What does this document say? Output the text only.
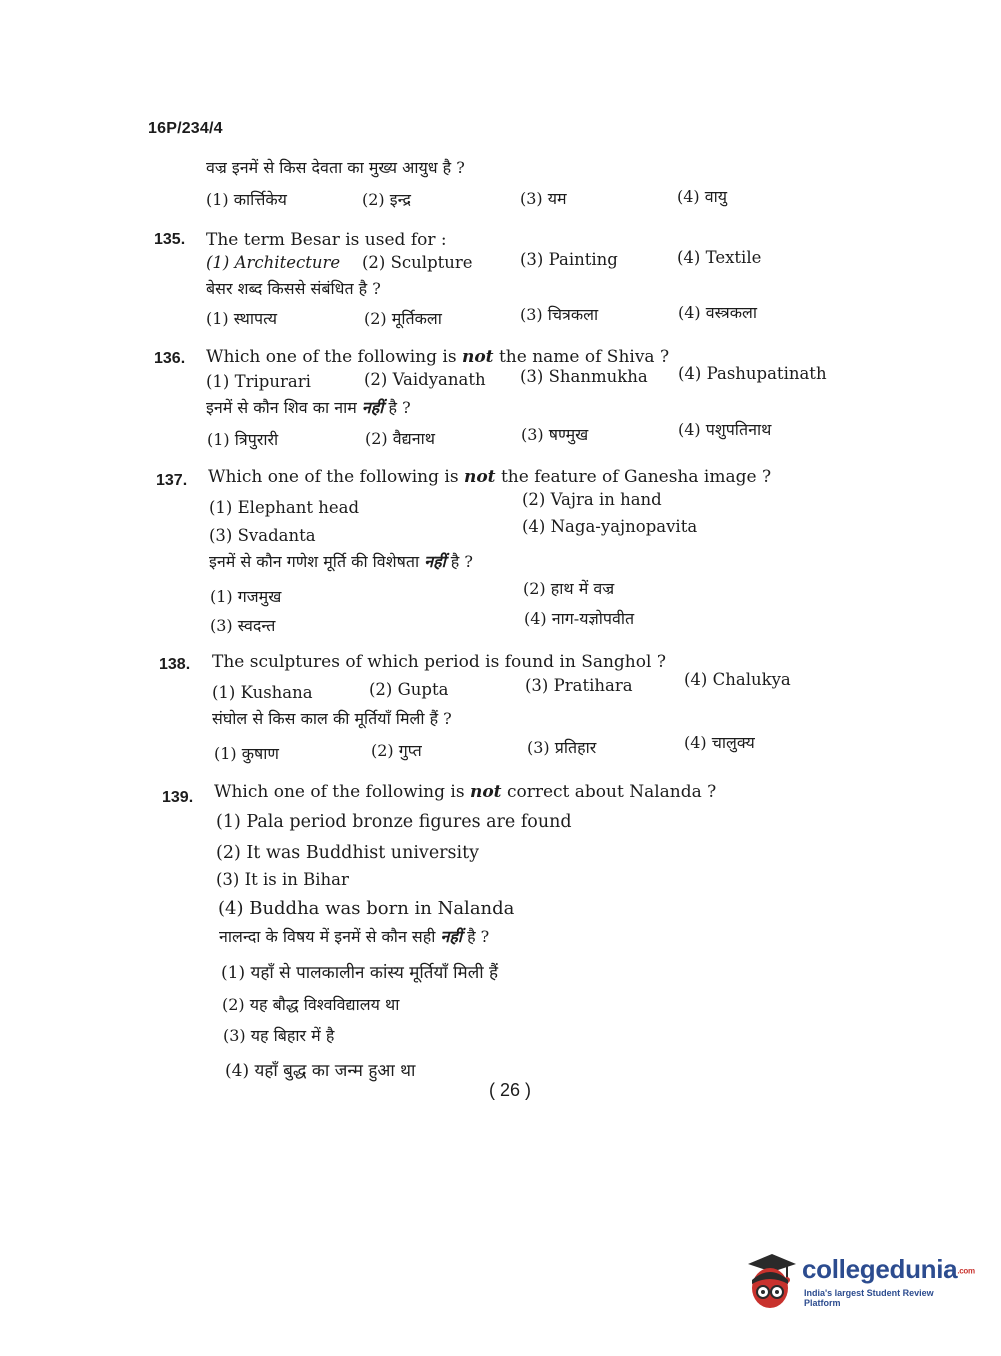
16P/234/4
वज्र इनमें से किस देवता का मुख्य आयुध है ?
(1) कार्त्तिकेय	(2) इन्द्र	(3) यम	(4) वायु
135. The term Besar is used for :
(1) Architecture (2) Sculpture	(3) Painting	(4) Textile
बेसर शब्द किससे संबंधित है ?
(1) स्थापत्य	(2) मूर्तिकला	(3) चित्रकला	(4) वस्त्रकला
136. Which one of the following is not the name of Shiva ?
(1) Tripurari	(2) Vaidyanath (3) Shanmukha (4) Pashupatinath
इनमें से कौन शिव का नाम नहीं है ?
(1) त्रिपुरारी	(2) वैद्यनाथ	(3) षण्मुख	(4) पशुपतिनाथ
137. Which one of the following is not the feature of Ganesha image ?
(1) Elephant head	(2) Vajra in hand
(3) Svadanta	(4) Naga-yajnopavita
इनमें से कौन गणेश मूर्ति की विशेषता नहीं है ?
(1) गजमुख	(2) हाथ में वज्र
(3) स्वदन्त	(4) नाग-यज्ञोपवीत
138. The sculptures of which period is found in Sanghol ?
(1) Kushana	(2) Gupta	(3) Pratihara	(4) Chalukya
संघोल से किस काल की मूर्तियाँ मिली हैं ?
(1) कुषाण	(2) गुप्त	(3) प्रतिहार	(4) चालुक्य
139. Which one of the following is not correct about Nalanda ?
(1) Pala period bronze figures are found
(2) It was Buddhist university
(3) It is in Bihar
(4) Buddha was born in Nalanda
नालन्दा के विषय में इनमें से कौन सही नहीं है ?
(1) यहाँ से पालकालीन कांस्य मूर्तियाँ मिली हैं
(2) यह बौद्ध विश्वविद्यालय था
(3) यह बिहार में है
(4) यहाँ बुद्ध का जन्म हुआ था
( 26 )
collegedunia.com
India's largest Student Review Platform
